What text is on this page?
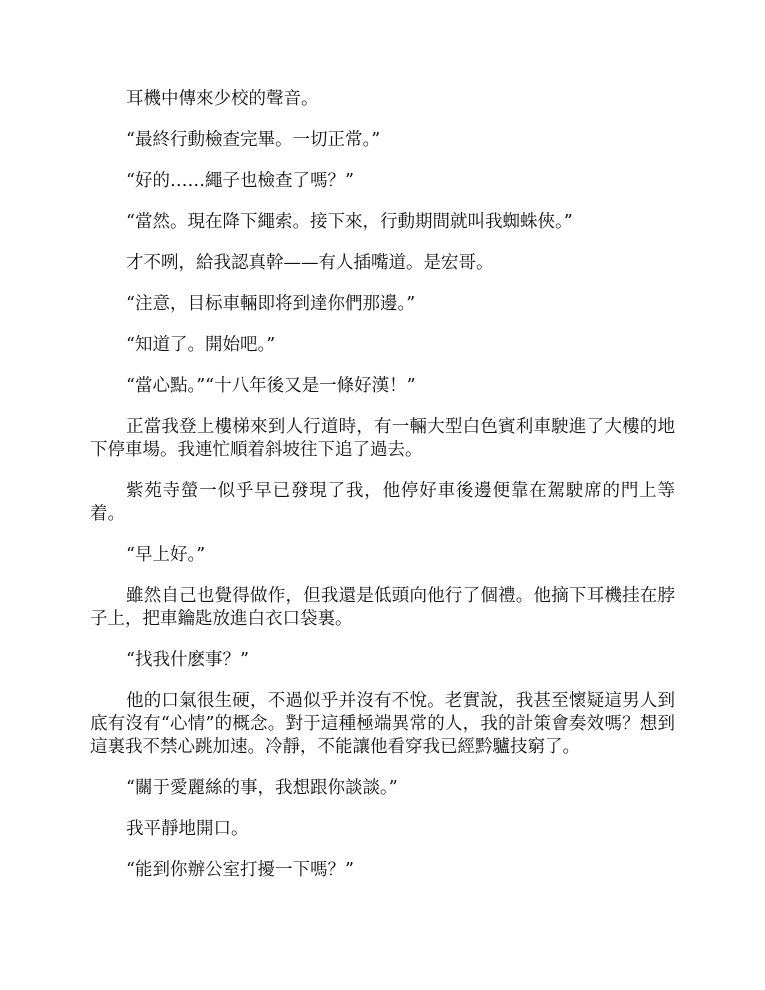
耳機中傳來少校的聲音。

“最終行動檢查完畢。一切正常。”

“好的……繩子也檢查了嗎？”

“當然。現在降下繩索。接下來，行動期間就叫我蜘蛛俠。”

才不咧，給我認真幹——有人插嘴道。是宏哥。

“注意，目标車輛即将到達你們那邊。”

“知道了。開始吧。”

“當心點。”“十八年後又是一條好漢！”

正當我登上樓梯來到人行道時，有一輛大型白色賓利車駛進了大樓的地下停車場。我連忙順着斜坡往下追了過去。

紫苑寺螢一似乎早已發現了我，他停好車後邊便靠在駕駛席的門上等着。

“早上好。”

雖然自己也覺得做作，但我還是低頭向他行了個禮。他摘下耳機挂在脖子上，把車鑰匙放進白衣口袋裏。

“找我什麽事？”

他的口氣很生硬，不過似乎并沒有不悅。老實說，我甚至懷疑這男人到底有沒有“心情”的概念。對于這種極端異常的人，我的計策會奏效嗎？想到這裏我不禁心跳加速。冷靜，不能讓他看穿我已經黔驢技窮了。

“關于愛麗絲的事，我想跟你談談。”

我平靜地開口。

“能到你辦公室打擾一下嗎？”
